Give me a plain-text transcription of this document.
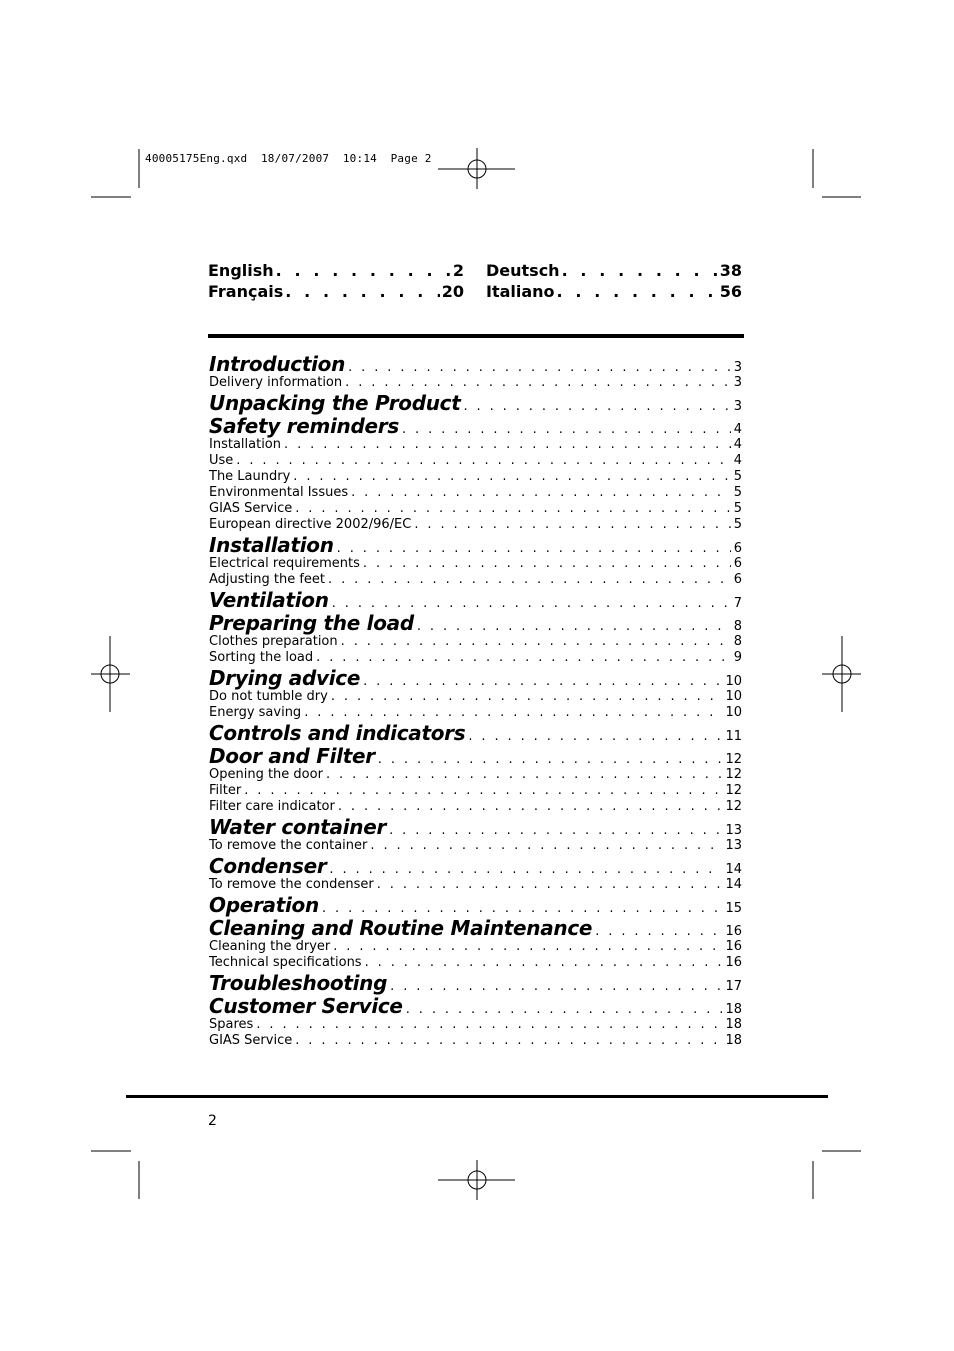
40005175Eng.qxd  18/07/2007  10:14  Page 2
English . . .	2
Français . . .	20
Deutsch . . .	38
Italiano . . .	56
Introduction . . .	3
Delivery information . . .	3
Unpacking the Product . . .	3
Safety reminders . . .	4
Installation . . .	4
Use . . .	4
The Laundry . . .	5
Environmental Issues . . .	5
GIAS Service . . .	5
European directive 2002/96/EC . . .	5
Installation . . .	6
Electrical requirements . . .	6
Adjusting the feet . . .	6
Ventilation . . .	7
Preparing the load . . .	8
Clothes preparation . . .	8
Sorting the load . . .	9
Drying advice . . .	10
Do not tumble dry . . .	10
Energy saving . . .	10
Controls and indicators . . .	11
Door and Filter . . .	12
Opening the door . . .	12
Filter . . .	12
Filter care indicator . . .	12
Water container . . .	13
To remove the container . . .	13
Condenser . . .	14
To remove the condenser . . .	14
Operation . . .	15
Cleaning and Routine Maintenance . . .	16
Cleaning the dryer . . .	16
Technical specifications . . .	16
Troubleshooting . . .	17
Customer Service . . .	18
Spares . . .	18
GIAS Service . . .	18
2
